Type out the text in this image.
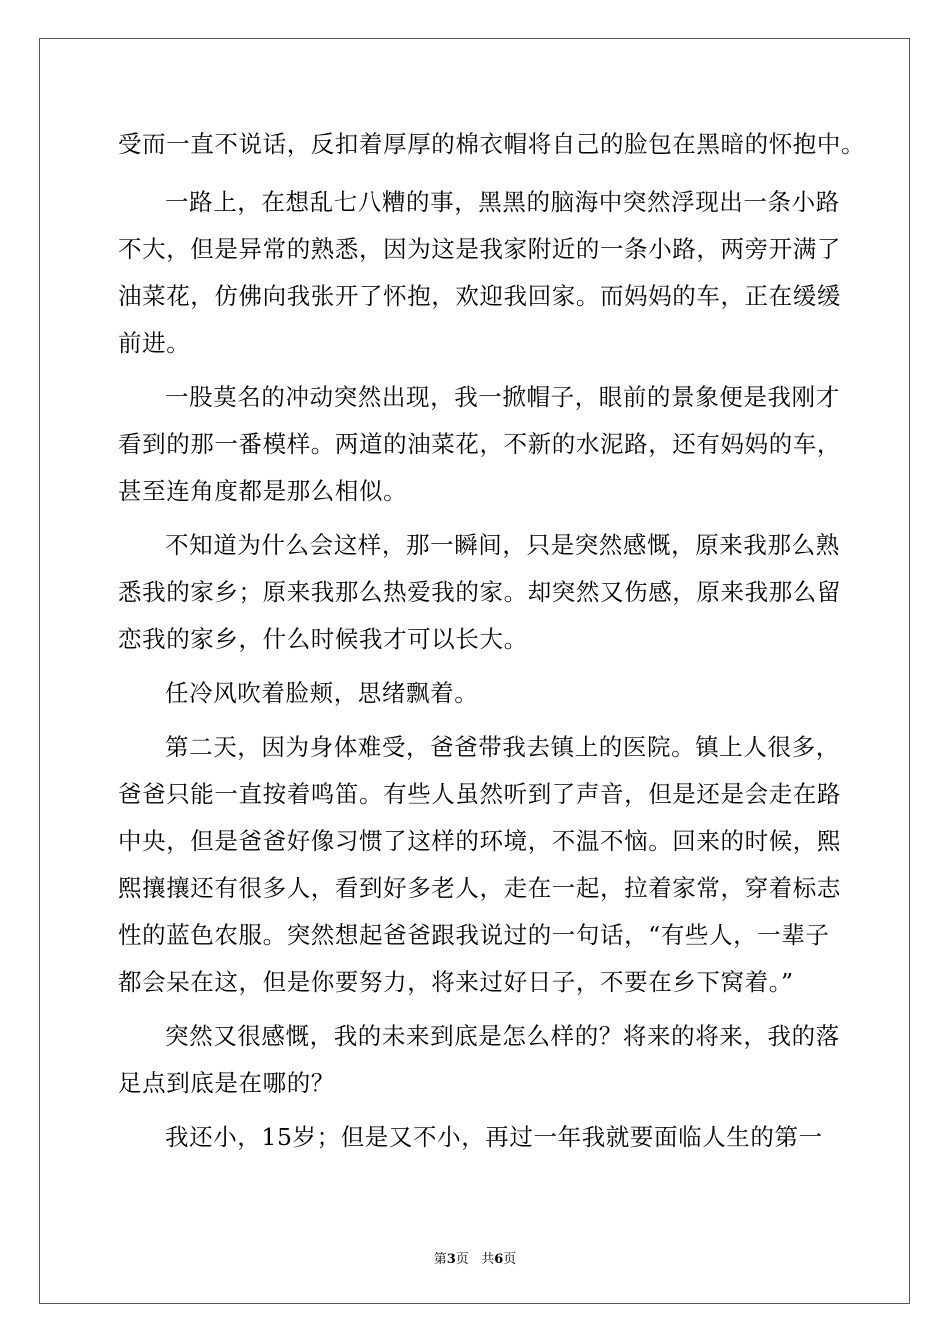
受而一直不说话，反扣着厚厚的棉衣帽将自己的脸包在黑暗的怀抱中。
一路上，在想乱七八糟的事，黑黑的脑海中突然浮现出一条小路
不大，但是异常的熟悉，因为这是我家附近的一条小路，两旁开满了
油菜花，仿佛向我张开了怀抱，欢迎我回家。而妈妈的车，正在缓缓
前进。
一股莫名的冲动突然出现，我一掀帽子，眼前的景象便是我刚才
看到的那一番模样。两道的油菜花，不新的水泥路，还有妈妈的车，
甚至连角度都是那么相似。
不知道为什么会这样，那一瞬间，只是突然感慨，原来我那么熟
悉我的家乡；原来我那么热爱我的家。却突然又伤感，原来我那么留
恋我的家乡，什么时候我才可以长大。
任冷风吹着脸颊，思绪飘着。
第二天，因为身体难受，爸爸带我去镇上的医院。镇上人很多，
爸爸只能一直按着鸣笛。有些人虽然听到了声音，但是还是会走在路
中央，但是爸爸好像习惯了这样的环境，不温不恼。回来的时候，熙
熙攘攘还有很多人，看到好多老人，走在一起，拉着家常，穿着标志
性的蓝色农服。突然想起爸爸跟我说过的一句话，“有些人，一辈子
都会呆在这，但是你要努力，将来过好日子，不要在乡下窝着。”
突然又很感慨，我的未来到底是怎么样的？将来的将来，我的落
足点到底是在哪的？
我还小，15岁；但是又不小，再过一年我就要面临人生的第一
第3页 共6页
